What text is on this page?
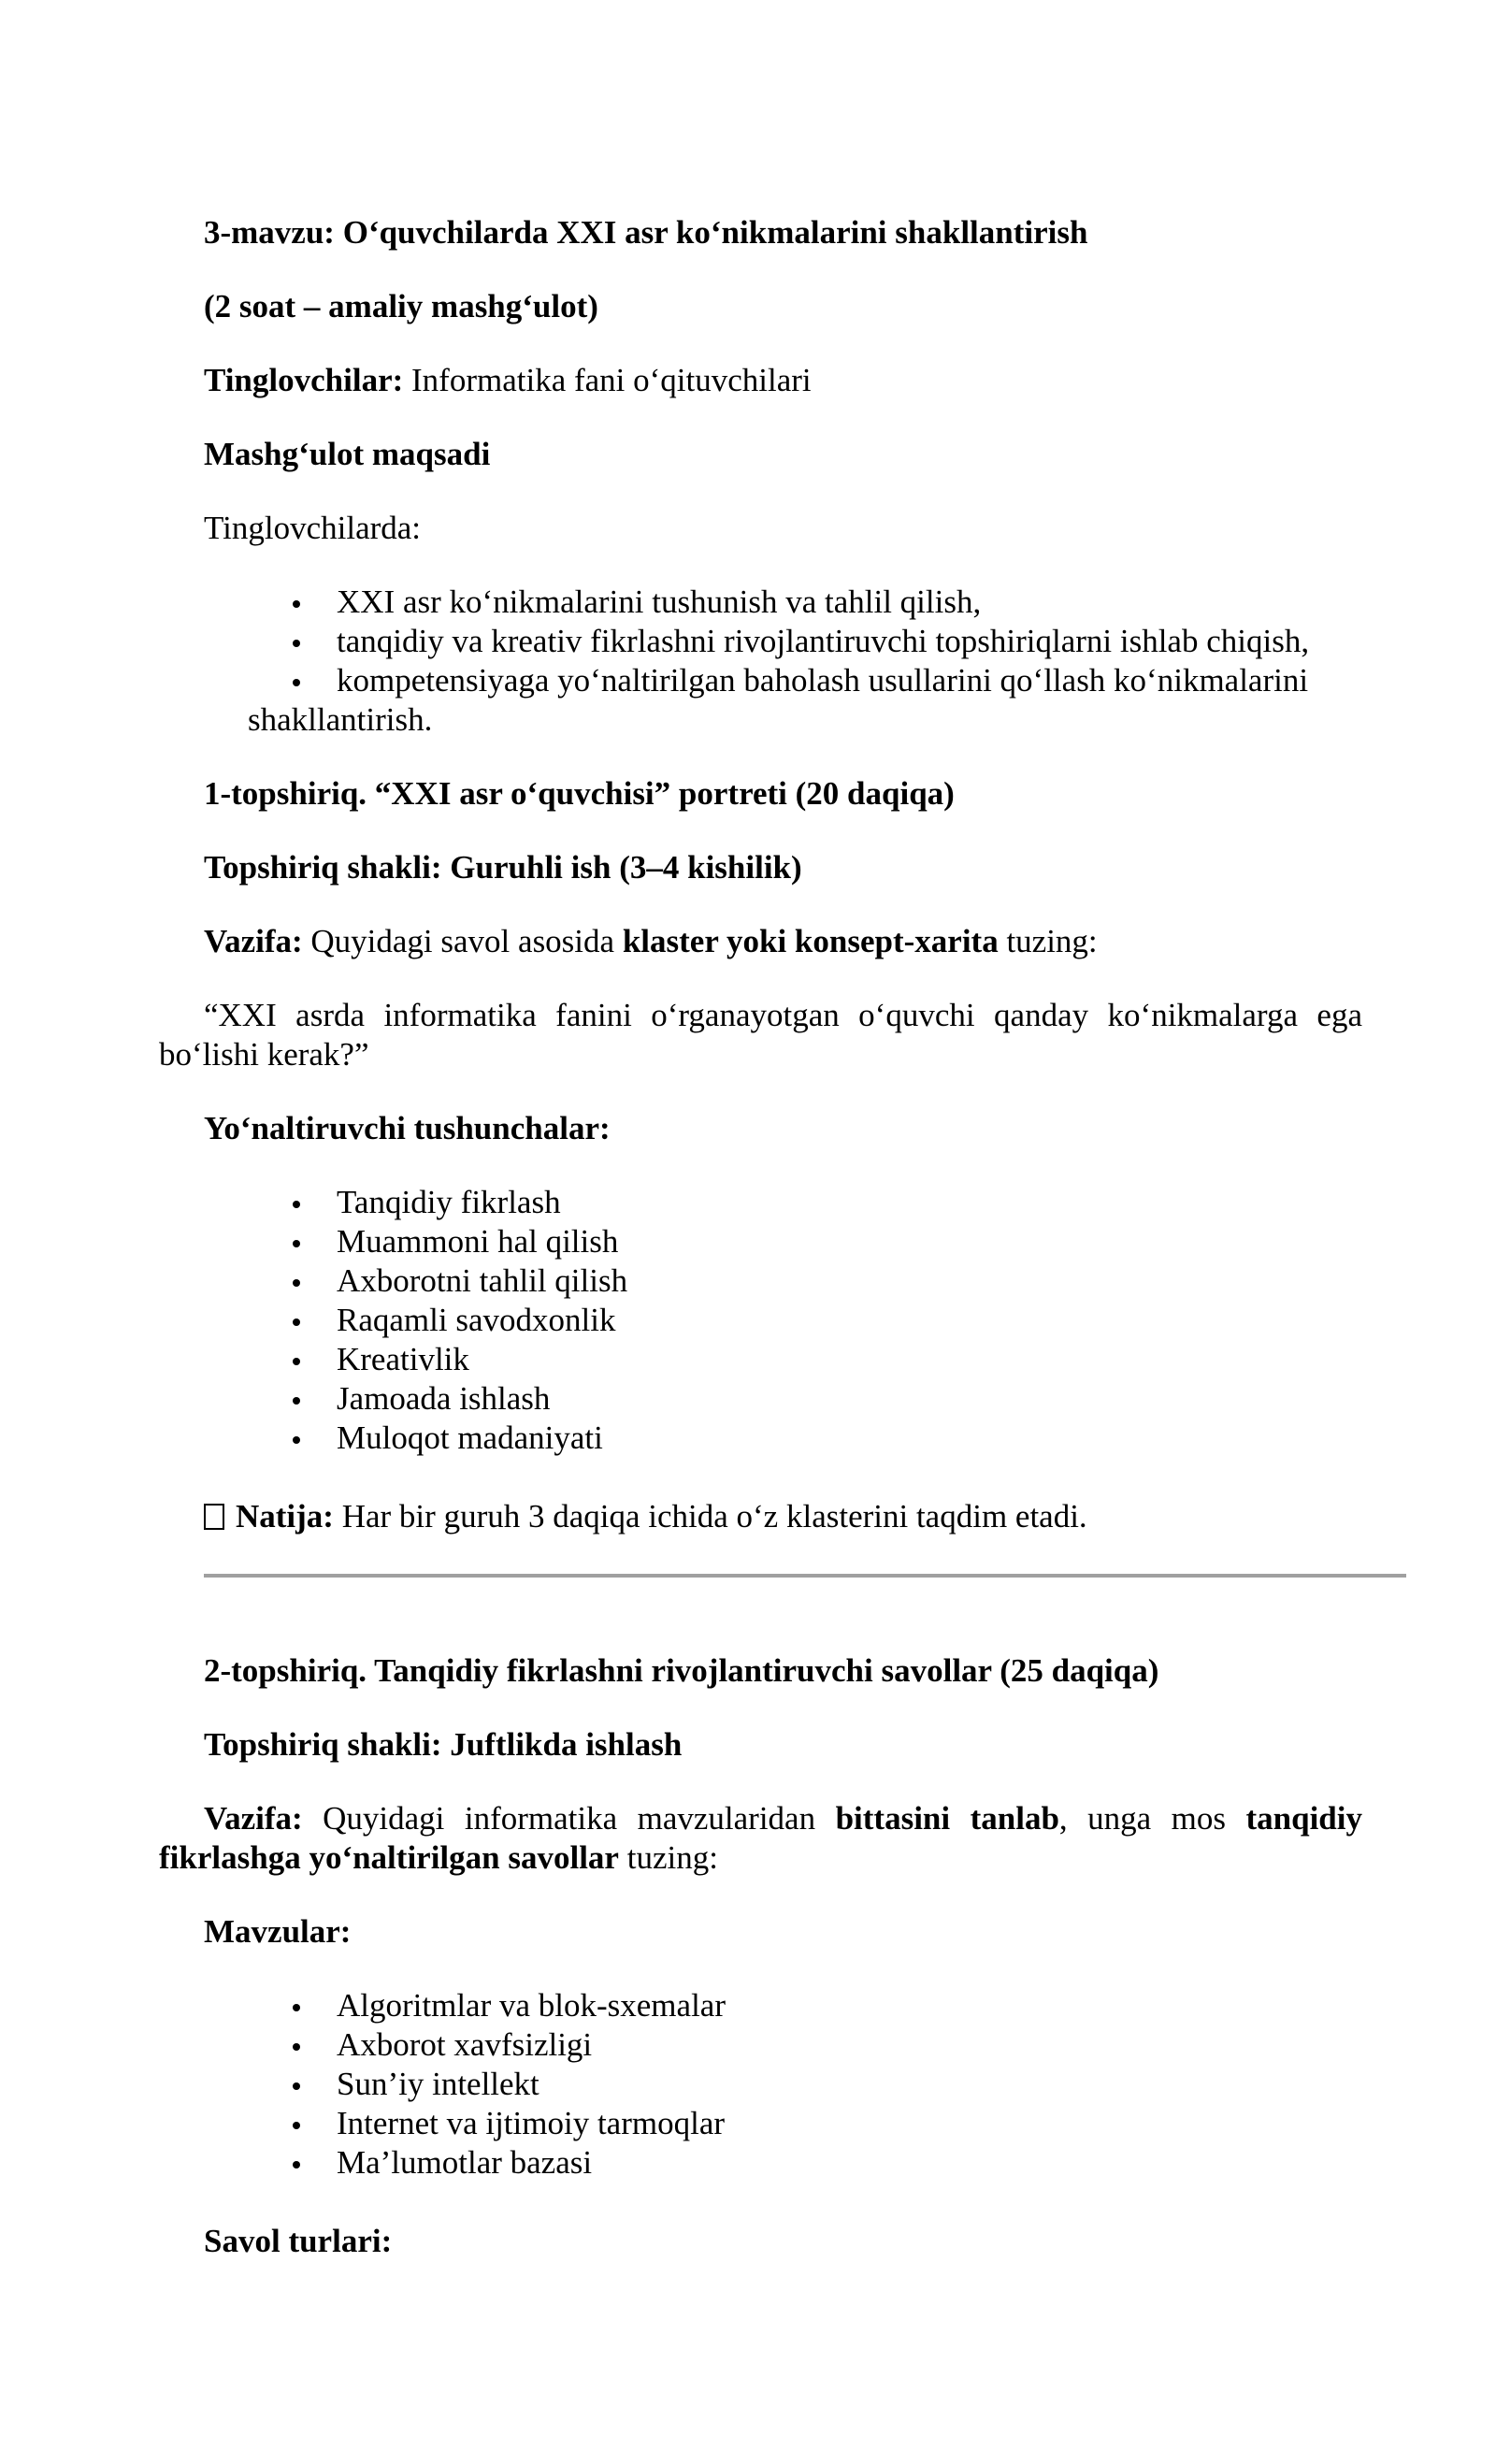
3-mavzu: O‘quvchilarda XXI asr ko‘nikmalarini shakllantirish

(2 soat – amaliy mashg‘ulot)

Tinglovchilar: Informatika fani o‘qituvchilari

Mashg‘ulot maqsadi

Tinglovchilarda:

XXI asr ko‘nikmalarini tushunish va tahlil qilish,
tanqidiy va kreativ fikrlashni rivojlantiruvchi topshiriqlarni ishlab chiqish,
kompetensiyaga yo‘naltirilgan baholash usullarini qo‘llash ko‘nikmalarini

shakllantirish.

1-topshiriq. “XXI asr o‘quvchisi” portreti (20 daqiqa)

Topshiriq shakli: Guruhli ish (3–4 kishilik)

Vazifa: Quyidagi savol asosida klaster yoki konsept-xarita tuzing:

“XXI asrda informatika fanini o‘rganayotgan o‘quvchi qanday ko‘nikmalarga ega

bo‘lishi kerak?”

Yo‘naltiruvchi tushunchalar:

Tanqidiy fikrlash
Muammoni hal qilish
Axborotni tahlil qilish
Raqamli savodxonlik
Kreativlik
Jamoada ishlash
Muloqot madaniyati

Natija: Har bir guruh 3 daqiqa ichida o‘z klasterini taqdim etadi.

2-topshiriq. Tanqidiy fikrlashni rivojlantiruvchi savollar (25 daqiqa)

Topshiriq shakli: Juftlikda ishlash

Vazifa: Quyidagi informatika mavzularidan bittasini tanlab, unga mos tanqidiy

fikrlashga yo‘naltirilgan savollar tuzing:

Mavzular:

Algoritmlar va blok-sxemalar
Axborot xavfsizligi
Sun’iy intellekt
Internet va ijtimoiy tarmoqlar
Ma’lumotlar bazasi

Savol turlari:
